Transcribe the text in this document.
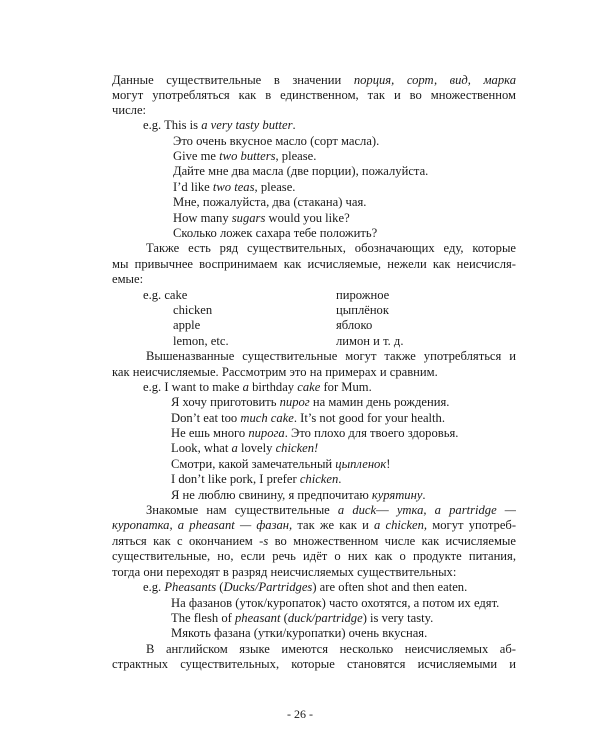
Данные существительные в значении порция, сорт, вид, марка
могут употребляться как в единственном, так и во множественном
числе:
e.g. This is a very tasty butter.
Это очень вкусное масло (сорт масла).
Give me two butters, please.
Дайте мне два масла (две порции), пожалуйста.
I’d like two teas, please.
Мне, пожалуйста, два (стакана) чая.
How many sugars would you like?
Сколько ложек сахара тебе положить?
Также есть ряд существительных, обозначающих еду, которые
мы привычнее воспринимаем как исчисляемые, нежели как неисчисля-
емые:
e.g. cake	пирожное
chicken	цыплёнок
apple	яблоко
lemon, etc.	лимон и т. д.
Вышеназванные существительные могут также употребляться и
как неисчисляемые. Рассмотрим это на примерах и сравним.
e.g. I want to make a birthday cake for Mum.
Я хочу приготовить пирог на мамин день рождения.
Don’t eat too much cake. It’s not good for your health.
Не ешь много пирога. Это плохо для твоего здоровья.
Look, what a lovely chicken!
Смотри, какой замечательный цыпленок!
I don’t like pork, I prefer chicken.
Я не люблю свинину, я предпочитаю курятину.
Знакомые нам существительные a duck— утка, a partridge —
куропатка, a pheasant — фазан, так же как и a chicken, могут употреб-
ляться как с окончанием -s во множественном числе как исчисляемые
существительные, но, если речь идёт о них как о продукте питания,
тогда они переходят в разряд неисчисляемых существительных:
e.g. Pheasants (Ducks/Partridges) are often shot and then eaten.
На фазанов (уток/куропаток) часто охотятся, а потом их едят.
The flesh of pheasant (duck/partridge) is very tasty.
Мякоть фазана (утки/куропатки) очень вкусная.
В английском языке имеются несколько неисчисляемых аб-
страктных существительных, которые становятся исчисляемыми и
- 26 -
